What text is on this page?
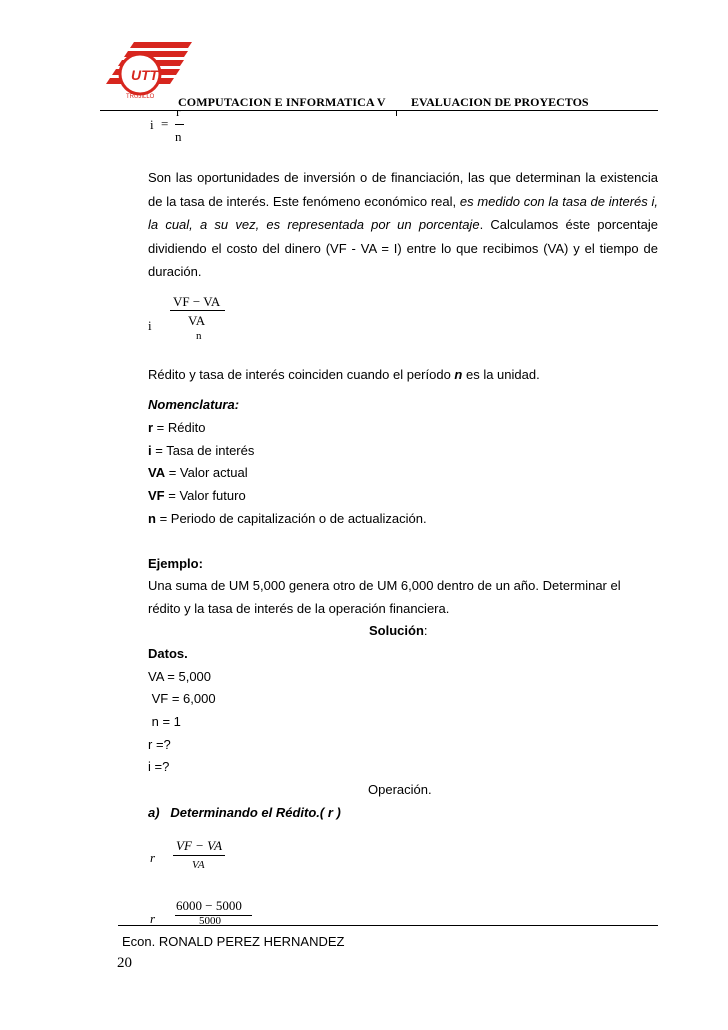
UTT
TRUJILLO COMPUTACION E INFORMATICA V EVALUACION DE PROYECTOS
r
i =
n
Son las oportunidades de inversión o de financiación, las que determinan la existencia de la tasa de interés. Este fenómeno económico real, es medido con la tasa de interés i, la cual, a su vez, es representada por un porcentaje. Calculamos éste porcentaje dividiendo el costo del dinero (VF - VA = I) entre lo que recibimos (VA) y el tiempo de duración.
VF − VA
VA
i
n
Rédito y tasa de interés coinciden cuando el período n es la unidad.
Nomenclatura:
r = Rédito
i = Tasa de interés
VA = Valor actual
VF = Valor futuro
n = Periodo de capitalización o de actualización.
Ejemplo:
Una suma de UM 5,000 genera otro de UM 6,000 dentro de un año. Determinar el
rédito y la tasa de interés de la operación financiera.
Solución:
Datos.
VA = 5,000
VF = 6,000
n = 1
r =?
i =?
Operación.
a)   Determinando el Rédito.( r )
VF − VA
r	VA
6000 − 5000
r	5000
Econ. RONALD PEREZ HERNANDEZ
20
